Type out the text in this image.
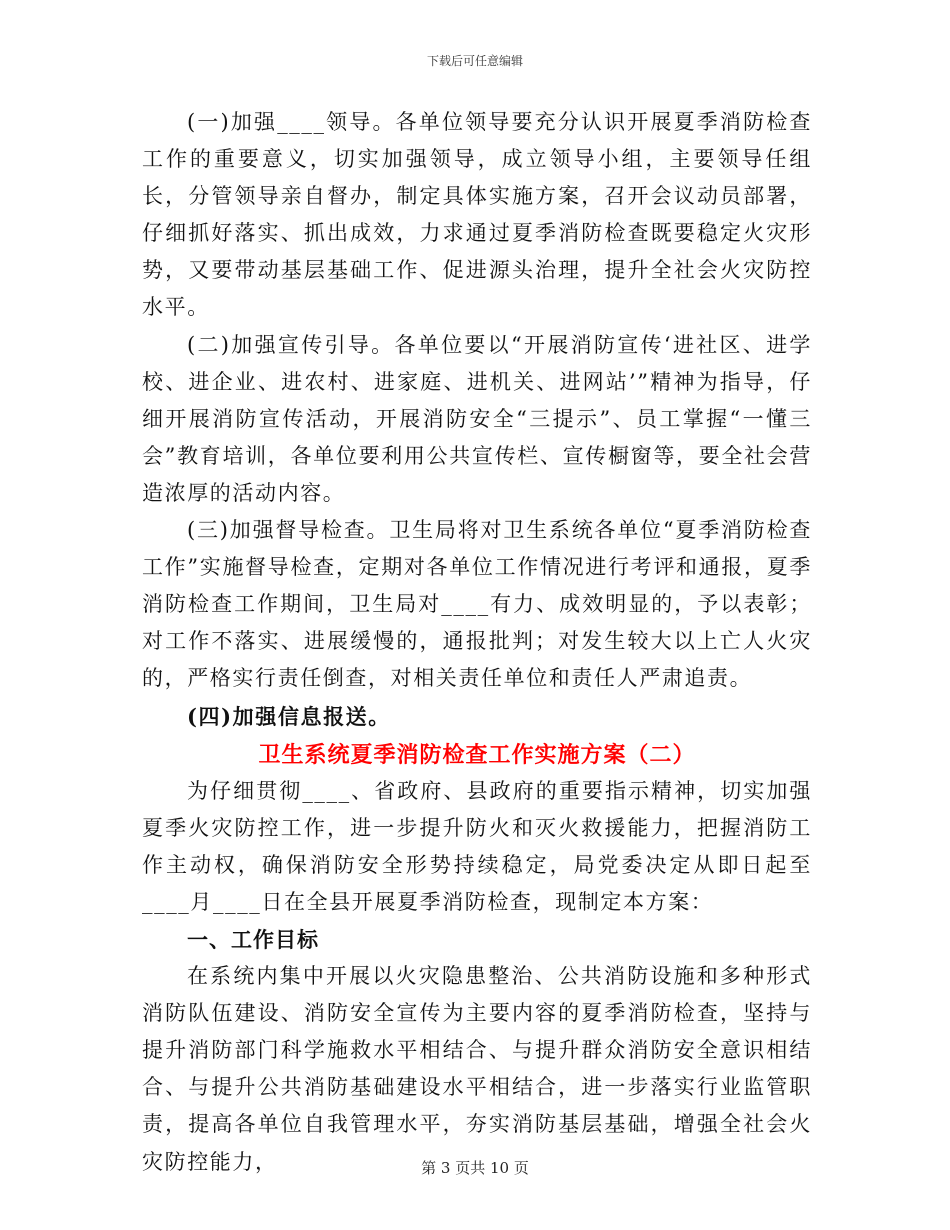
下载后可任意编辑

(一)加强____领导。各单位领导要充分认识开展夏季消防检查工作的重要意义，切实加强领导，成立领导小组，主要领导任组长，分管领导亲自督办，制定具体实施方案，召开会议动员部署，仔细抓好落实、抓出成效，力求通过夏季消防检查既要稳定火灾形势，又要带动基层基础工作、促进源头治理，提升全社会火灾防控水平。

(二)加强宣传引导。各单位要以“开展消防宣传‘进社区、进学校、进企业、进农村、进家庭、进机关、进网站’”精神为指导，仔细开展消防宣传活动，开展消防安全“三提示”、员工掌握“一懂三会”教育培训，各单位要利用公共宣传栏、宣传橱窗等，要全社会营造浓厚的活动内容。

(三)加强督导检查。卫生局将对卫生系统各单位“夏季消防检查工作”实施督导检查，定期对各单位工作情况进行考评和通报，夏季消防检查工作期间，卫生局对____有力、成效明显的，予以表彰；对工作不落实、进展缓慢的，通报批判；对发生较大以上亡人火灾的，严格实行责任倒查，对相关责任单位和责任人严肃追责。

(四)加强信息报送。

卫生系统夏季消防检查工作实施方案（二）

为仔细贯彻____、省政府、县政府的重要指示精神，切实加强夏季火灾防控工作，进一步提升防火和灭火救援能力，把握消防工作主动权，确保消防安全形势持续稳定，局党委决定从即日起至____月____日在全县开展夏季消防检查，现制定本方案：

一、工作目标

在系统内集中开展以火灾隐患整治、公共消防设施和多种形式消防队伍建设、消防安全宣传为主要内容的夏季消防检查，坚持与提升消防部门科学施救水平相结合、与提升群众消防安全意识相结合、与提升公共消防基础建设水平相结合，进一步落实行业监管职责，提高各单位自我管理水平，夯实消防基层基础，增强全社会火灾防控能力，	第 3 页共 10 页
